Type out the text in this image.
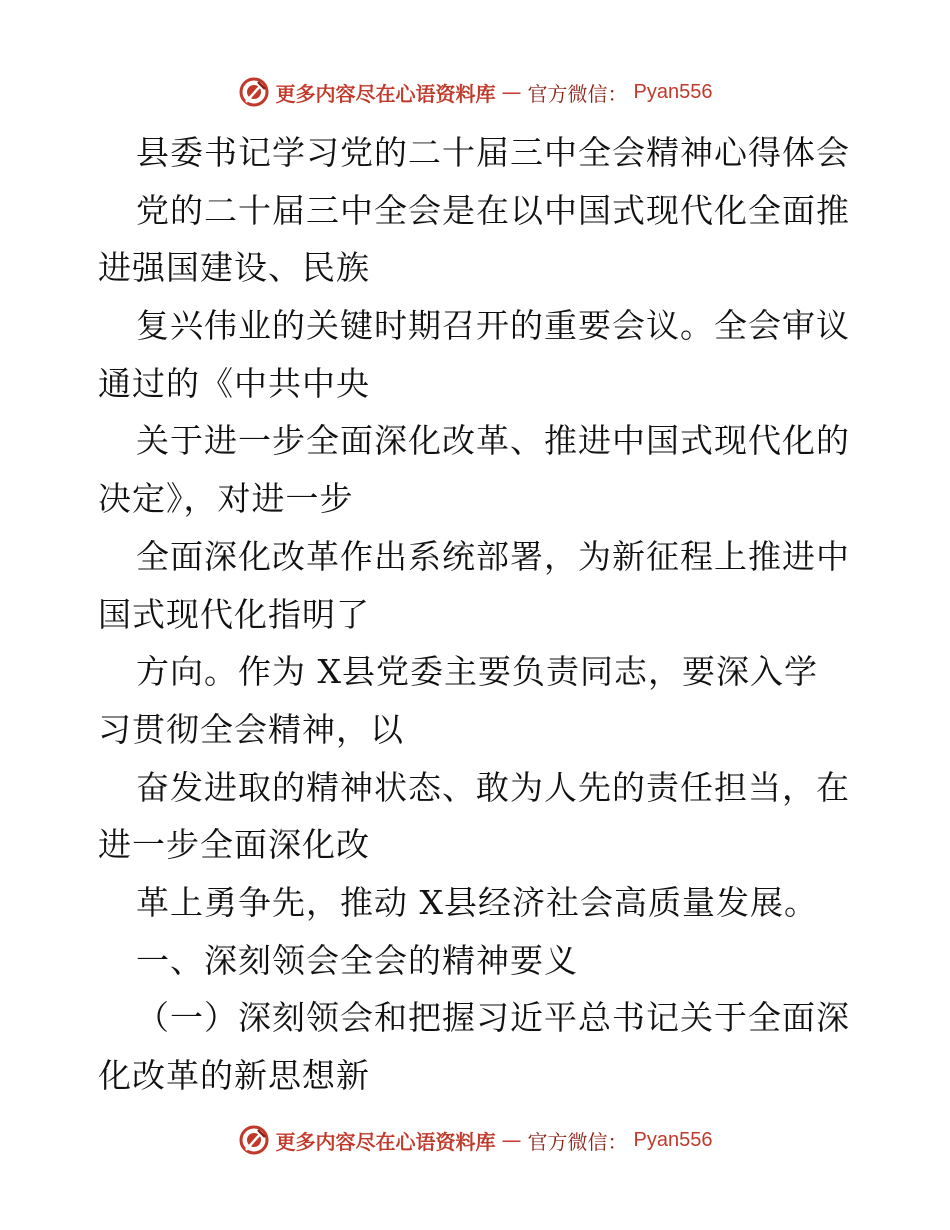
更多内容尽在心语资料库 — 官方微信： Pyan556
县委书记学习党的二十届三中全会精神心得体会
党的二十届三中全会是在以中国式现代化全面推
进强国建设、民族
复兴伟业的关键时期召开的重要会议。全会审议
通过的《中共中央
关于进一步全面深化改革、推进中国式现代化的
决定》，对进一步
全面深化改革作出系统部署，为新征程上推进中
国式现代化指明了
方向。作为 X县党委主要负责同志，要深入学
习贯彻全会精神，以
奋发进取的精神状态、敢为人先的责任担当，在
进一步全面深化改
革上勇争先，推动 X县经济社会高质量发展。
一、深刻领会全会的精神要义
（一）深刻领会和把握习近平总书记关于全面深
化改革的新思想新
更多内容尽在心语资料库 — 官方微信： Pyan556
